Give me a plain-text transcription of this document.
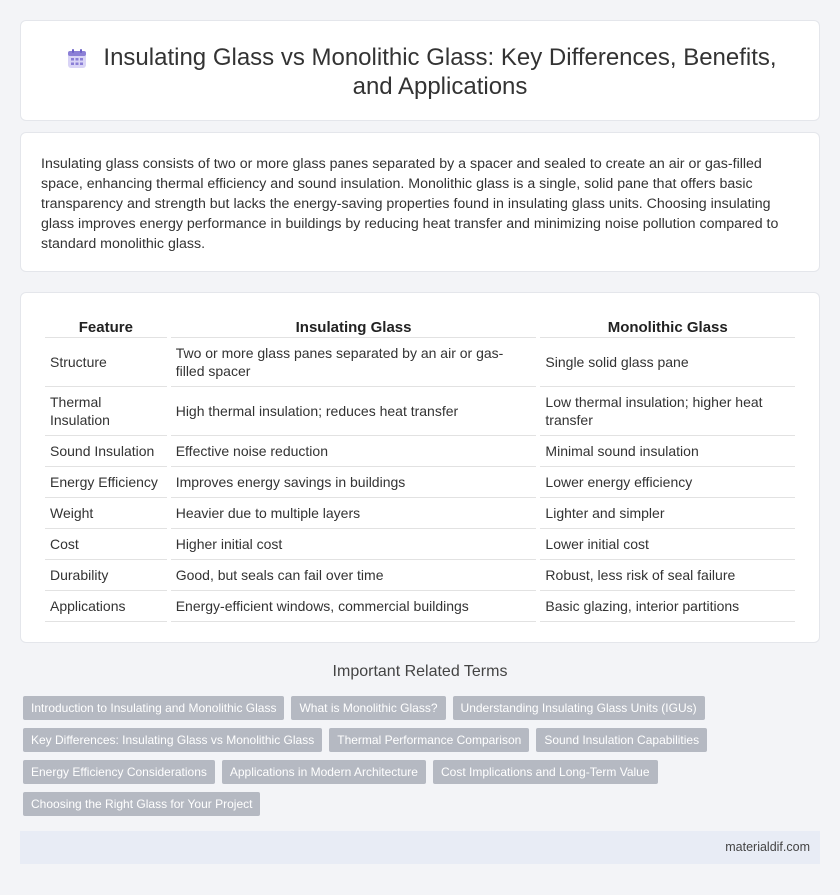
Insulating Glass vs Monolithic Glass: Key Differences, Benefits, and Applications

Insulating glass consists of two or more glass panes separated by a spacer and sealed to create an air or gas-filled space, enhancing thermal efficiency and sound insulation. Monolithic glass is a single, solid pane that offers basic transparency and strength but lacks the energy-saving properties found in insulating glass units. Choosing insulating glass improves energy performance in buildings by reducing heat transfer and minimizing noise pollution compared to standard monolithic glass.

Feature	Insulating Glass	Monolithic Glass
Structure	Two or more glass panes separated by an air or gas-filled spacer	Single solid glass pane
Thermal Insulation	High thermal insulation; reduces heat transfer	Low thermal insulation; higher heat transfer
Sound Insulation	Effective noise reduction	Minimal sound insulation
Energy Efficiency	Improves energy savings in buildings	Lower energy efficiency
Weight	Heavier due to multiple layers	Lighter and simpler
Cost	Higher initial cost	Lower initial cost
Durability	Good, but seals can fail over time	Robust, less risk of seal failure
Applications	Energy-efficient windows, commercial buildings	Basic glazing, interior partitions
Important Related Terms
Introduction to Insulating and Monolithic Glass	What is Monolithic Glass?	Understanding Insulating Glass Units (IGUs)
Key Differences: Insulating Glass vs Monolithic Glass	Thermal Performance Comparison	Sound Insulation Capabilities
Energy Efficiency Considerations	Applications in Modern Architecture	Cost Implications and Long-Term Value
Choosing the Right Glass for Your Project
materialdif.com
